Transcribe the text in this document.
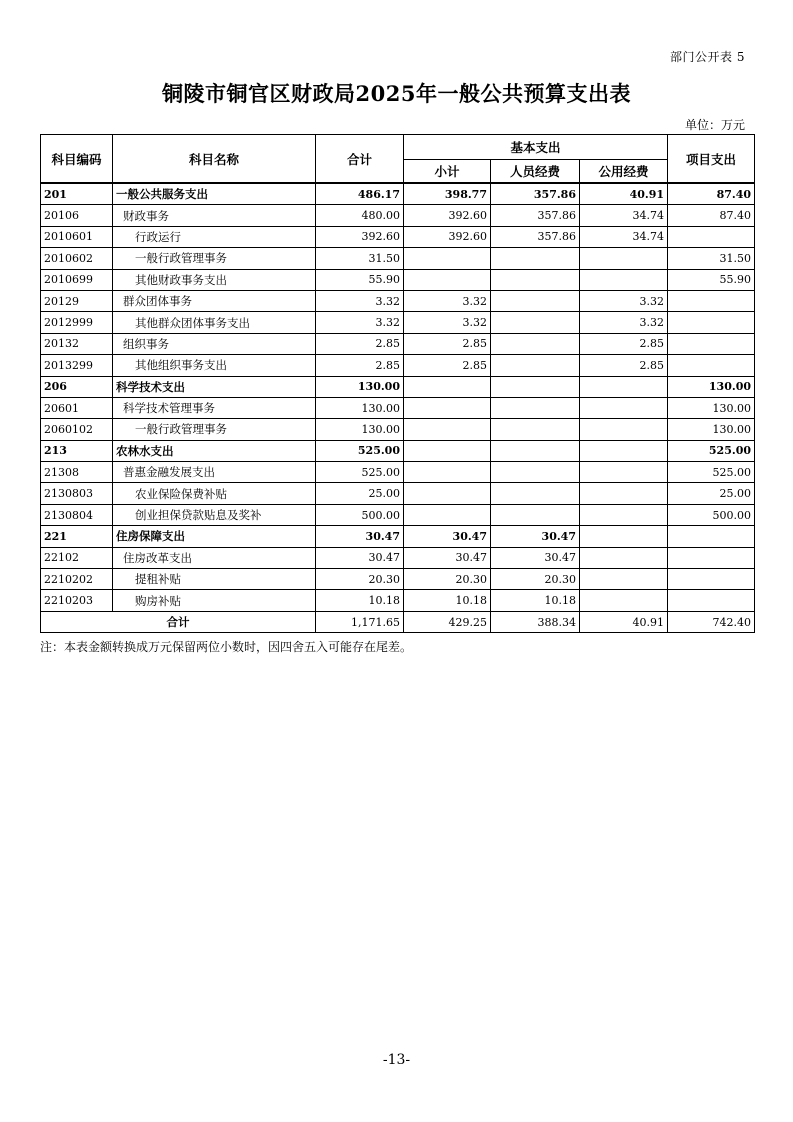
部门公开表 5
铜陵市铜官区财政局2025年一般公共预算支出表
单位：万元
科目编码	科目名称	合计	基本支出			项目支出
			小计	人员经费	公用经费	
201	一般公共服务支出	486.17	398.77	357.86	40.91	87.40
20106	财政事务	480.00	392.60	357.86	34.74	87.40
2010601	行政运行	392.60	392.60	357.86	34.74	
2010602	一般行政管理事务	31.50				31.50
2010699	其他财政事务支出	55.90				55.90
20129	群众团体事务	3.32	3.32		3.32	
2012999	其他群众团体事务支出	3.32	3.32		3.32	
20132	组织事务	2.85	2.85		2.85	
2013299	其他组织事务支出	2.85	2.85		2.85	
206	科学技术支出	130.00				130.00
20601	科学技术管理事务	130.00				130.00
2060102	一般行政管理事务	130.00				130.00
213	农林水支出	525.00				525.00
21308	普惠金融发展支出	525.00				525.00
2130803	农业保险保费补贴	25.00				25.00
2130804	创业担保贷款贴息及奖补	500.00				500.00
221	住房保障支出	30.47	30.47	30.47		
22102	住房改革支出	30.47	30.47	30.47		
2210202	提租补贴	20.30	20.30	20.30		
2210203	购房补贴	10.18	10.18	10.18		
合计		1,171.65	429.25	388.34	40.91	742.40
注：本表金额转换成万元保留两位小数时，因四舍五入可能存在尾差。
-13-
